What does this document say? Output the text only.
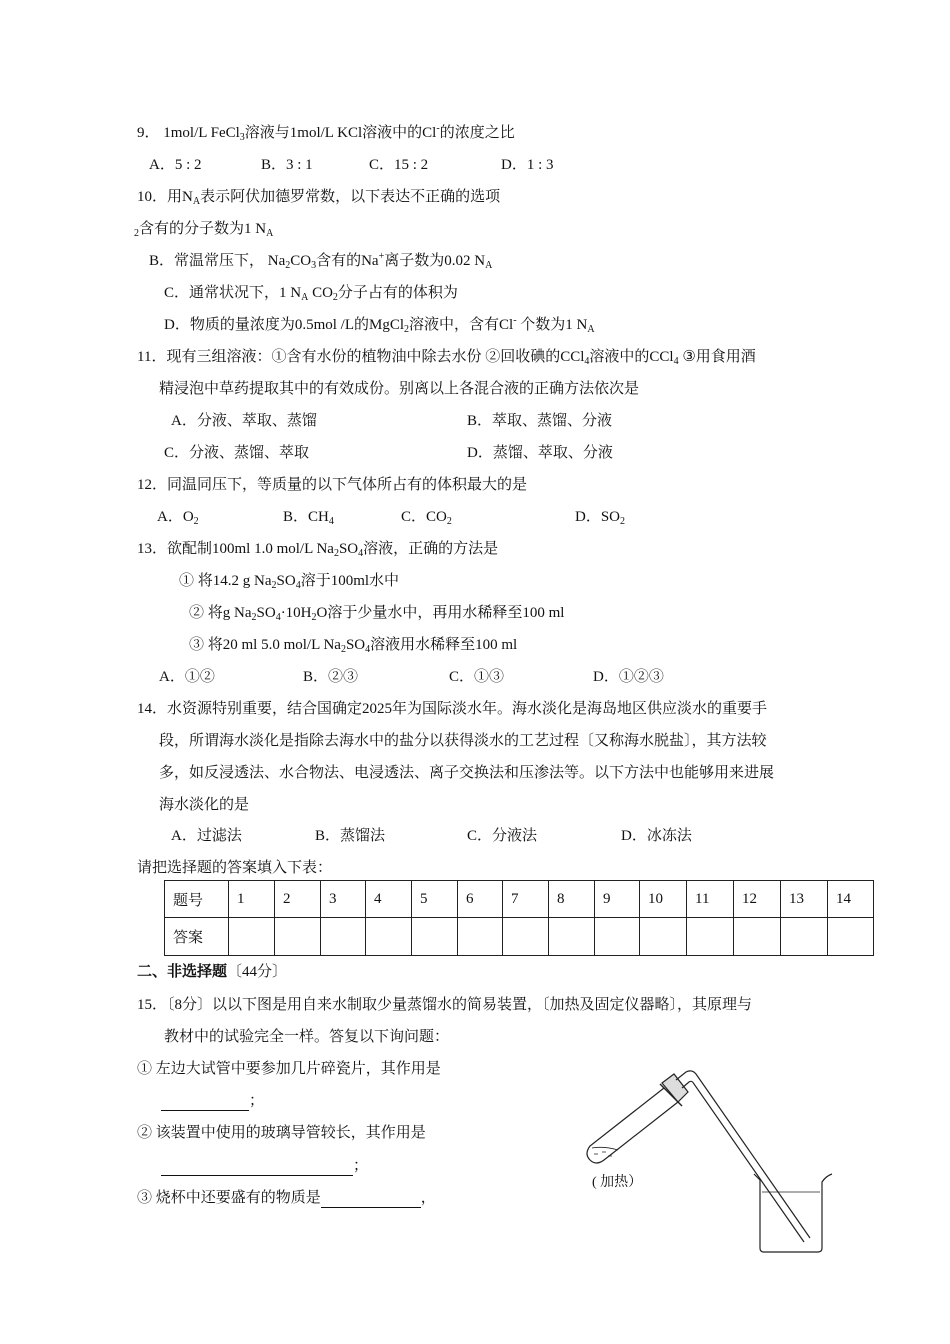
9． 1mol/L FeCl$_3$溶液与1mol/L KCl溶液中的Cl-的浓度之比
A．5 : 2	B．3 : 1	C．15 : 2	D．1 : 3
10．用$N_A$表示阿伏加德罗常数，以下表达不正确的选项
$_2$含有的分子数为1 $N_A$
B．常温常压下， $Na_2CO_3$含有的Na+离子数为0.02 $N_A$
C．通常状况下，1 $N_A$ $CO_2$分子占有的体积为
D．物质的量浓度为0.5mol /L的MgCl$_2$溶液中，含有Cl- 个数为1 $N_A$
11．现有三组溶液：①含有水份的植物油中除去水份 ②回收碘的CCl$_4$溶液中的CCl$_4$ ③用食用酒
精浸泡中草药提取其中的有效成份。别离以上各混合液的正确方法依次是
A．分液、萃取、蒸馏	B．萃取、蒸馏、分液
C．分液、蒸馏、萃取	D．蒸馏、萃取、分液
12．同温同压下，等质量的以下气体所占有的体积最大的是
A．$O_2$	B．$CH_4$	C．$CO_2$	D．$SO_2$
13．欲配制100ml 1.0 mol/L $Na_2SO_4$溶液，正确的方法是
① 将14.2 g $Na_2SO_4$溶于100ml水中
② 将g $Na_2SO_4\cdot 10H_2O$溶于少量水中，再用水稀释至100 ml
③ 将20 ml 5.0 mol/L $Na_2SO_4$溶液用水稀释至100 ml
A．①②	B．②③	C．①③	D．①②③
14．水资源特别重要，结合国确定2025年为国际淡水年。海水淡化是海岛地区供应淡水的重要手
段，所谓海水淡化是指除去海水中的盐分以获得淡水的工艺过程〔又称海水脱盐〕，其方法较
多，如反浸透法、水合物法、电浸透法、离子交换法和压渗法等。以下方法中也能够用来进展
海水淡化的是
A．过滤法	B．蒸馏法	C．分液法	D．冰冻法
请把选择题的答案填入下表：
题号	1	2	3	4	5	6	7	8	9	10	11	12	13	14
答案														
二、非选择题〔44分〕
15．〔8分〕以以下图是用自来水制取少量蒸馏水的简易装置，〔加热及固定仪器略〕，其原理与
教材中的试验完全一样。答复以下询问题：
① 左边大试管中要参加几片碎瓷片，其作用是
；
② 该装置中使用的玻璃导管较长，其作用是
；
③ 烧杯中还要盛有的物质是	，
( 加热）
